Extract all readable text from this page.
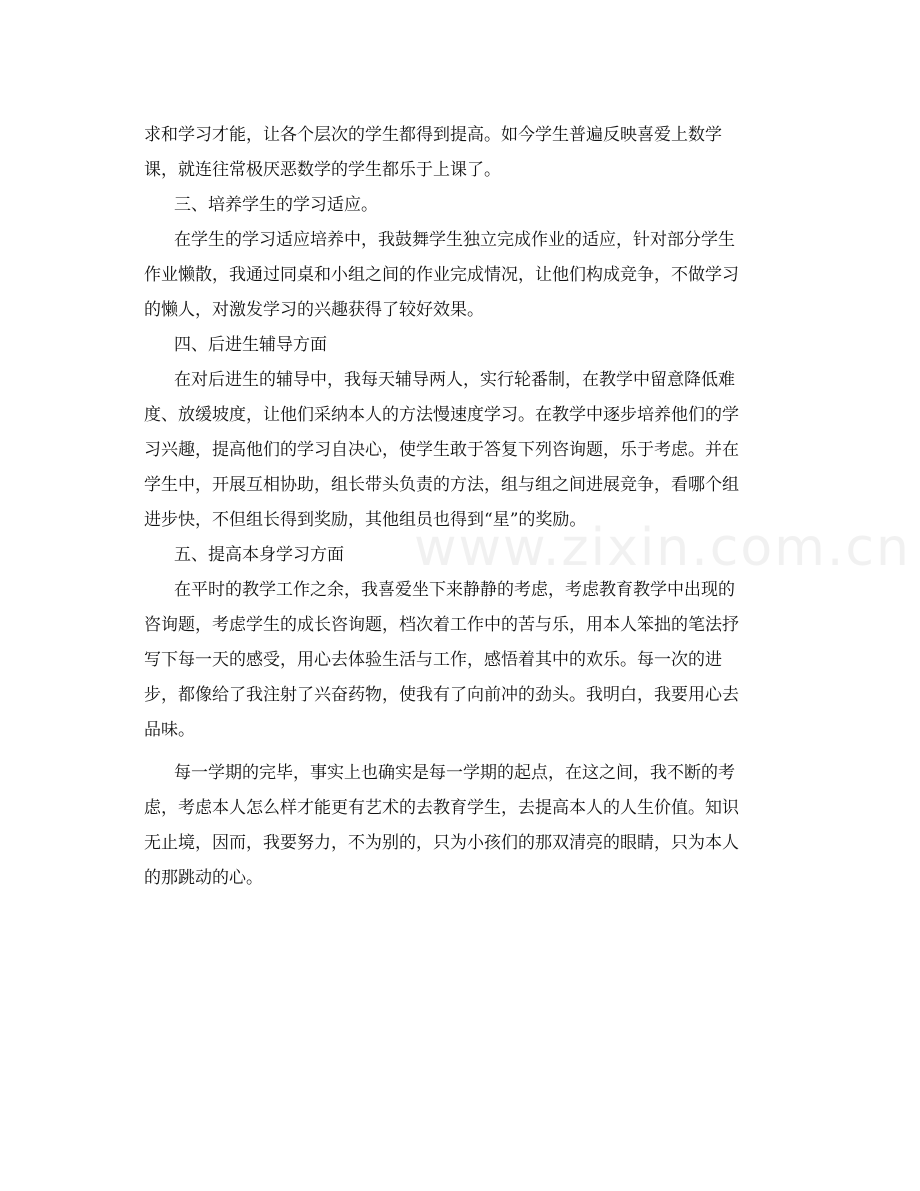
www.zixin.com.cn
求和学习才能，让各个层次的学生都得到提高。如今学生普遍反映喜爱上数学
课，就连往常极厌恶数学的学生都乐于上课了。
三、培养学生的学习适应。
在学生的学习适应培养中，我鼓舞学生独立完成作业的适应，针对部分学生
作业懒散，我通过同桌和小组之间的作业完成情况，让他们构成竞争，不做学习
的懒人，对激发学习的兴趣获得了较好效果。
四、后进生辅导方面
在对后进生的辅导中，我每天辅导两人，实行轮番制，在教学中留意降低难
度、放缓坡度，让他们采纳本人的方法慢速度学习。在教学中逐步培养他们的学
习兴趣，提高他们的学习自决心，使学生敢于答复下列咨询题，乐于考虑。并在
学生中，开展互相协助，组长带头负责的方法，组与组之间进展竞争，看哪个组
进步快，不但组长得到奖励，其他组员也得到“星”的奖励。
五、提高本身学习方面
在平时的教学工作之余，我喜爱坐下来静静的考虑，考虑教育教学中出现的
咨询题，考虑学生的成长咨询题，档次着工作中的苦与乐，用本人笨拙的笔法抒
写下每一天的感受，用心去体验生活与工作，感悟着其中的欢乐。每一次的进
步，都像给了我注射了兴奋药物，使我有了向前冲的劲头。我明白，我要用心去
品味。
每一学期的完毕，事实上也确实是每一学期的起点，在这之间，我不断的考
虑，考虑本人怎么样才能更有艺术的去教育学生，去提高本人的人生价值。知识
无止境，因而，我要努力，不为别的，只为小孩们的那双清亮的眼睛，只为本人
的那跳动的心。
